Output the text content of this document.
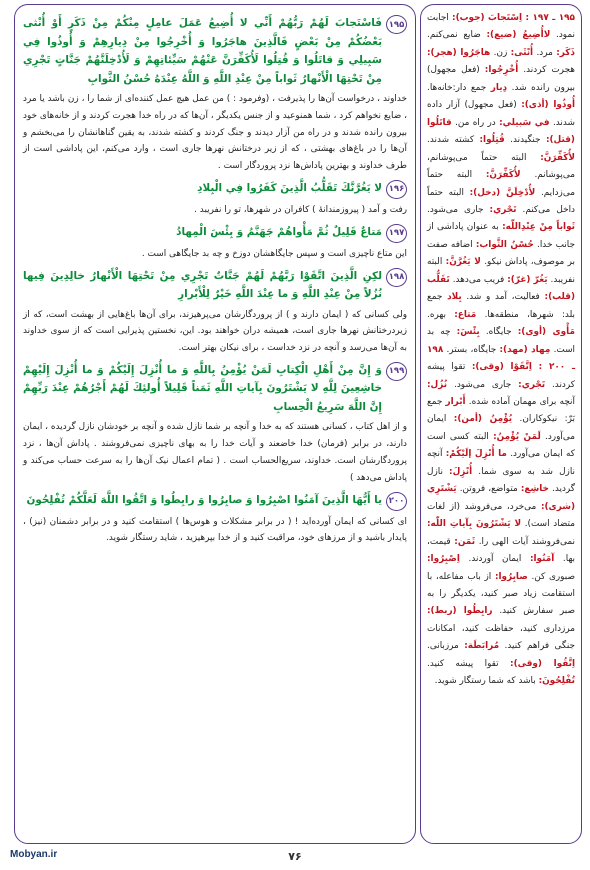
۱۹۵

فَاسْتَجابَ لَهُمْ رَبُّهُمْ أَنِّي لا أُضِيعُ عَمَلَ عامِلٍ مِنْكُمْ مِنْ ذَكَرٍ أَوْ أُنْثى بَعْضُكُمْ مِنْ بَعْضٍ فَالَّذِينَ هاجَرُوا وَ أُخْرِجُوا مِنْ دِيارِهِمْ وَ أُوذُوا فِي سَبِيلِي وَ قاتَلُوا وَ قُتِلُوا لَأُكَفِّرَنَّ عَنْهُمْ سَيِّئاتِهِمْ وَ لَأُدْخِلَنَّهُمْ جَنَّاتٍ تَجْرِي مِنْ تَحْتِهَا الْأَنْهارُ ثَواباً مِنْ عِنْدِ اللَّهِ وَ اللَّهُ عِنْدَهُ حُسْنُ الثَّوابِ

خداوند ، درخواست آن‌ها را پذیرفت ، (وفرمود : ) من عمل هیچ عمل کننده‌ای از شما را ، زن باشد یا مرد ، ضایع نخواهم کرد ، شما همنوعید و از جنس یکدیگر ، آن‌ها که در راه خدا هجرت کردند و از خانه‌های خود بیرون رانده شدند و در راه من آزار دیدند و جنگ کردند و کشته شدند، به یقین گناهانشان را می‌بخشم و آن‌ها را در باغ‌های بهشتی ، که از زیر درختانش نهرها جاری است ، وارد می‌کنم، این پاداشی است از طرف خداوند و بهترین پاداش‌ها نزد پروردگار است .

۱۹۶

لا يَغُرَّنَّكَ تَقَلُّبُ الَّذِينَ كَفَرُوا فِي الْبِلادِ

رفت و آمد ( پیروزمندانهٔ ) کافران در شهرها، تو را نفریبد .

۱۹۷

مَتاعٌ قَلِيلٌ ثُمَّ مَأْواهُمْ جَهَنَّمُ وَ بِئْسَ الْمِهادُ

این متاع ناچیزی است و سپس جایگاهشان دوزخ و چه بد جایگاهی است .

۱۹۸

لكِنِ الَّذِينَ اتَّقَوْا رَبَّهُمْ لَهُمْ جَنَّاتٌ تَجْرِي مِنْ تَحْتِهَا الْأَنْهارُ خالِدِينَ فِيها نُزُلاً مِنْ عِنْدِ اللَّهِ وَ ما عِنْدَ اللَّهِ خَيْرٌ لِلْأَبْرارِ

ولی کسانی که ( ایمان دارند و ) از پروردگارشان می‌پرهیزند، برای آن‌ها باغ‌هایی از بهشت است، که از زیردرختانش نهرها جاری است، همیشه دران خواهند بود. این، نخستین پذیرایی است که از سوی خداوند به آن‌ها می‌رسد و آنچه در نزد خداست ، برای نیکان بهتر است.

۱۹۹

وَ إِنَّ مِنْ أَهْلِ الْكِتابِ لَمَنْ يُؤْمِنُ بِاللَّهِ وَ ما أُنْزِلَ إِلَيْكُمْ وَ ما أُنْزِلَ إِلَيْهِمْ خاشِعِينَ لِلَّهِ لا يَشْتَرُونَ بِآياتِ اللَّهِ ثَمَناً قَلِيلاً أُولئِكَ لَهُمْ أَجْرُهُمْ عِنْدَ رَبِّهِمْ إِنَّ اللَّهَ سَرِيعُ الْحِسابِ

و از اهل کتاب ، کسانی هستند که به خدا و آنچه بر شما نازل شده و آنچه بر خودشان نازل گردیده ، ایمان دارند، در برابر (فرمان) خدا خاضعند و آیات خدا را به بهای ناچیزی نمی‌فروشند . پاداش آن‌ها ، نزد پروردگارشان است. خداوند، سریع‌الحساب است . ( تمام اعمال نیک آن‌ها را به سرعت حساب می‌کند و پاداش می‌دهد )

۲۰۰

يا أَيُّهَا الَّذِينَ آمَنُوا اصْبِرُوا وَ صابِرُوا وَ رابِطُوا وَ اتَّقُوا اللَّهَ لَعَلَّكُمْ تُفْلِحُونَ

ای کسانی که ایمان آورده‌اید ! ( در برابر مشکلات و هوس‌ها ) استقامت کنید و در برابر دشمنان (نیز) ، پایدار باشید و از مرزهای خود، مراقبت کنید و از خدا بپرهیزید ، شاید رستگار شوید.

۱۹۵ ـ ۱۹۷ : اِسْتَجابَ (جوب): اجابت نمود. لاأُضِيعُ (ضيع): ضایع نمی‌کنم. ذَكَر: مرد. أُنْثَى: زن. هاجَرُوا (هجر): هجرت کردند. أُخْرِجُوا: (فعل مجهول) بیرون رانده شد. دِيار جمع دار:خانه‌ها. أُوذُوا (أذى): (فعل مجهول) آزار داده شدند. في سَبيلي: در راه من. قاتَلُوا (قتل): جنگیدند. قُتِلُوا: کشته شدند. لأُكَفِّرَنَّ: البته حتماً می‌پوشانم، می‌پوشانم. لأُكَفِّرَنَّ: البته حتماً می‌زدایم. لأُدْخِلَنَّ (دخل): البته حتماً داخل می‌کنم. تَجْري: جاری می‌شود. ثَواباً مِنْ عِنْدِاللّٰه: به عنوان پاداشی از جانب خدا. حُسْنُ الثَّواب: اضافه صفت بر موصوف، پاداش نیکو. لا يَغُرَّنَّ: البته نفریبد. يَغُرّ (غرّ): فریب می‌دهد. تَقَلُّب (قلب): فعالیت، آمد و شد. بِلاد جمع بلد: شهرها، منطقه‌ها. مَتاع: بهره. مَأْوى (أوى): جایگاه. بِئْسَ: چه بد است. مِهاد (مهد): جایگاه، بستر. ۱۹۸ ـ ۲۰۰ : اِتَّقَوْا (وقى): تقوا پیشه کردند. تَجْري: جاری می‌شود. نُزُل: آنچه برای مهمان آماده شده. أَبْرار جمع بَرّ: نیکوکاران. يُؤْمِنُ (أمن): ایمان می‌آورد. لَمَنْ يُؤْمِنُ: البته کسی است که ایمان می‌آورد. ما أُنْزِلَ إلَيْكُمْ: آنچه نازل شد به سوی شما. أُنْزِلَ: نازل گردید. خاشِع: متواضع، فروتن. يَشْتَرِي (شرى): می‌خرد، می‌فروشد (از لغات متضاد است). لا يَشْتَرُونَ بِآياتِ اللّٰه: نمی‌فروشند آیات الهی را. ثَمَن: قیمت، بها. آمَنُوا: ایمان آوردند. اِصْبِرُوا: صبوری کن. صابِرُوا: از باب مفاعله، با استقامت زیاد صبر کنید، یکدیگر را به صبر سفارش کنید. رابِطُوا (ربط): مرزداری کنید، حفاظت کنید، امکانات جنگی فراهم کنید. مُرابَطَة: مرزبانی. اِتَّقُوا (وقى): تقوا پیشه کنید. تُفْلِحُونَ: باشد که شما رستگار شوید.

Mobyan.ir	۷۶
